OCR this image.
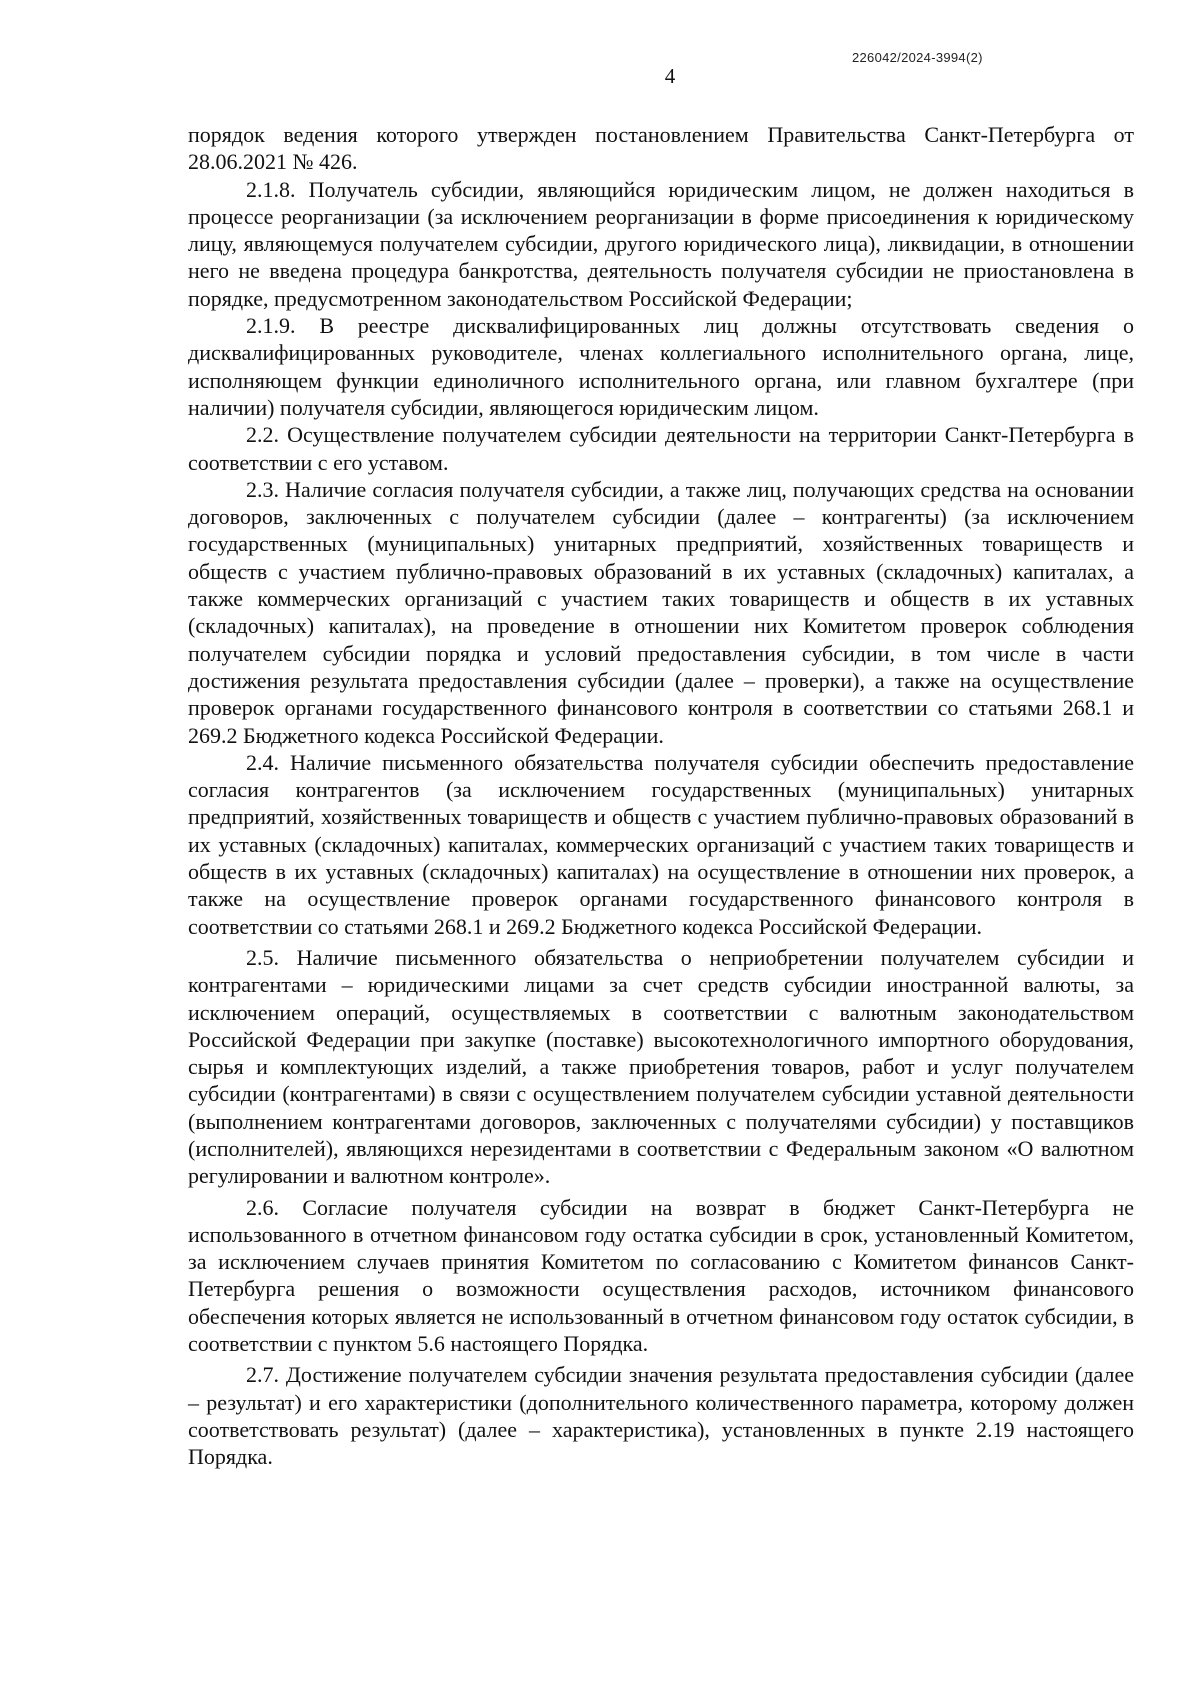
226042/2024-3994(2)
4

порядок ведения которого утвержден постановлением Правительства Санкт-Петербурга от 28.06.2021 № 426.

2.1.8. Получатель субсидии, являющийся юридическим лицом, не должен находиться в процессе реорганизации (за исключением реорганизации в форме присоединения к юридическому лицу, являющемуся получателем субсидии, другого юридического лица), ликвидации, в отношении него не введена процедура банкротства, деятельность получателя субсидии не приостановлена в порядке, предусмотренном законодательством Российской Федерации;

2.1.9. В реестре дисквалифицированных лиц должны отсутствовать сведения о дисквалифицированных руководителе, членах коллегиального исполнительного органа, лице, исполняющем функции единоличного исполнительного органа, или главном бухгалтере (при наличии) получателя субсидии, являющегося юридическим лицом.

2.2. Осуществление получателем субсидии деятельности на территории Санкт-Петербурга в соответствии с его уставом.

2.3. Наличие согласия получателя субсидии, а также лиц, получающих средства на основании договоров, заключенных с получателем субсидии (далее – контрагенты) (за исключением государственных (муниципальных) унитарных предприятий, хозяйственных товариществ и обществ с участием публично-правовых образований в их уставных (складочных) капиталах, а также коммерческих организаций с участием таких товариществ и обществ в их уставных (складочных) капиталах), на проведение в отношении них Комитетом проверок соблюдения получателем субсидии порядка и условий предоставления субсидии, в том числе в части достижения результата предоставления субсидии (далее – проверки), а также на осуществление проверок органами государственного финансового контроля в соответствии со статьями 268.1 и 269.2 Бюджетного кодекса Российской Федерации.

2.4. Наличие письменного обязательства получателя субсидии обеспечить предоставление согласия контрагентов (за исключением государственных (муниципальных) унитарных предприятий, хозяйственных товариществ и обществ с участием публично-правовых образований в их уставных (складочных) капиталах, коммерческих организаций с участием таких товариществ и обществ в их уставных (складочных) капиталах) на осуществление в отношении них проверок, а также на осуществление проверок органами государственного финансового контроля в соответствии со статьями 268.1 и 269.2 Бюджетного кодекса Российской Федерации.

2.5. Наличие письменного обязательства о неприобретении получателем субсидии и контрагентами – юридическими лицами за счет средств субсидии иностранной валюты, за исключением операций, осуществляемых в соответствии с валютным законодательством Российской Федерации при закупке (поставке) высокотехнологичного импортного оборудования, сырья и комплектующих изделий, а также приобретения товаров, работ и услуг получателем субсидии (контрагентами) в связи с осуществлением получателем субсидии уставной деятельности (выполнением контрагентами договоров, заключенных с получателями субсидии) у поставщиков (исполнителей), являющихся нерезидентами в соответствии с Федеральным законом «О валютном регулировании и валютном контроле».

2.6. Согласие получателя субсидии на возврат в бюджет Санкт-Петербурга не использованного в отчетном финансовом году остатка субсидии в срок, установленный Комитетом, за исключением случаев принятия Комитетом по согласованию с Комитетом финансов Санкт-Петербурга решения о возможности осуществления расходов, источником финансового обеспечения которых является не использованный в отчетном финансовом году остаток субсидии, в соответствии с пунктом 5.6 настоящего Порядка.

2.7. Достижение получателем субсидии значения результата предоставления субсидии (далее – результат) и его характеристики (дополнительного количественного параметра, которому должен соответствовать результат) (далее – характеристика), установленных в пункте 2.19 настоящего Порядка.
